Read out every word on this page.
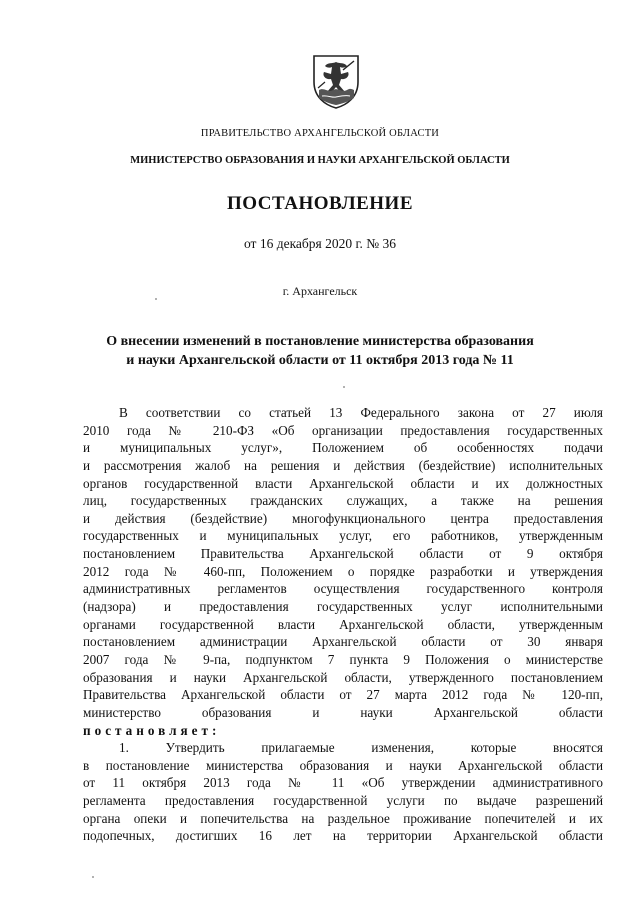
ПРАВИТЕЛЬСТВО АРХАНГЕЛЬСКОЙ ОБЛАСТИ
МИНИСТЕРСТВО ОБРАЗОВАНИЯ И НАУКИ АРХАНГЕЛЬСКОЙ ОБЛАСТИ
ПОСТАНОВЛЕНИЕ
от 16 декабря 2020 г. № 36
г. Архангельск
О внесении изменений в постановление министерства образования
и науки Архангельской области от 11 октября 2013 года № 11
В соответствии со статьей 13 Федерального закона от 27 июля
2010 года № 210-ФЗ «Об организации предоставления государственных
и муниципальных услуг», Положением об особенностях подачи
и рассмотрения жалоб на решения и действия (бездействие) исполнительных
органов государственной власти Архангельской области и их должностных
лиц, государственных гражданских служащих, а также на решения
и действия (бездействие) многофункционального центра предоставления
государственных и муниципальных услуг, его работников, утвержденным
постановлением Правительства Архангельской области от 9 октября
2012 года № 460-пп, Положением о порядке разработки и утверждения
административных регламентов осуществления государственного контроля
(надзора) и предоставления государственных услуг исполнительными
органами государственной власти Архангельской области, утвержденным
постановлением администрации Архангельской области от 30 января
2007 года № 9-па, подпунктом 7 пункта 9 Положения о министерстве
образования и науки Архангельской области, утвержденного постановлением
Правительства Архангельской области от 27 марта 2012 года № 120-пп,
министерство образования и науки Архангельской области
постановляет:
1. Утвердить прилагаемые изменения, которые вносятся
в постановление министерства образования и науки Архангельской области
от 11 октября 2013 года № 11 «Об утверждении административного
регламента предоставления государственной услуги по выдаче разрешений
органа опеки и попечительства на раздельное проживание попечителей и их
подопечных, достигших 16 лет на территории Архангельской области
